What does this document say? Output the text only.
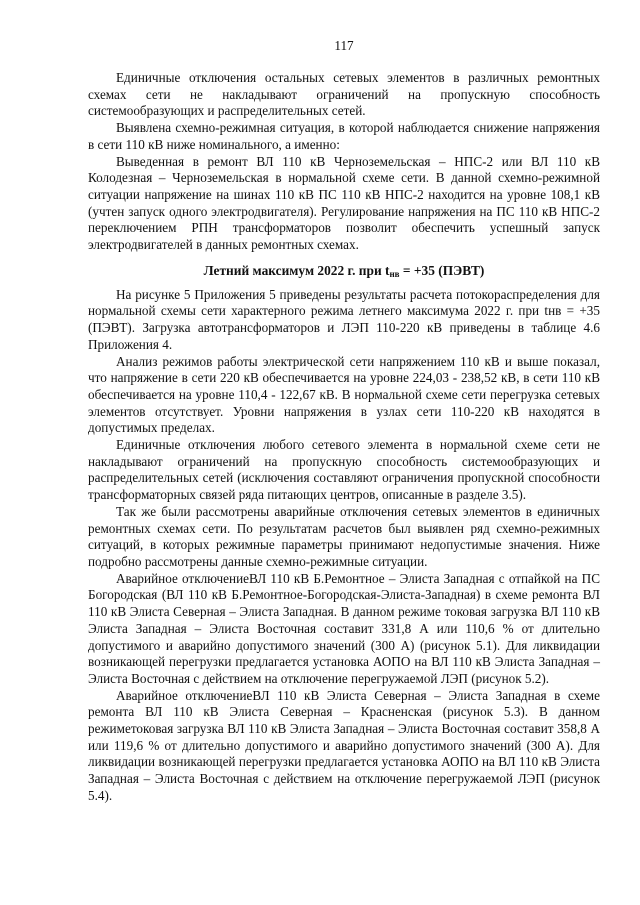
117

Единичные отключения остальных сетевых элементов в различных ремонтных схемах сети не накладывают ограничений на пропускную способность системообразующих и распределительных сетей.

Выявлена схемно-режимная ситуация, в которой наблюдается снижение напряжения в сети 110 кВ ниже номинального, а именно:

Выведенная в ремонт ВЛ 110 кВ Черноземельская – НПС-2 или ВЛ 110 кВ Колодезная – Черноземельская в нормальной схеме сети. В данной схемно-режимной ситуации напряжение на шинах 110 кВ ПС 110 кВ НПС-2 находится на уровне 108,1 кВ (учтен запуск одного электродвигателя). Регулирование напряжения на ПС 110 кВ НПС-2 переключением РПН трансформаторов позволит обеспечить успешный запуск электродвигателей в данных ремонтных схемах.

Летний максимум 2022 г. при $t_{нв} = +35$ (ПЭВТ)

На рисунке 5 Приложения 5 приведены результаты расчета потокораспределения для нормальной схемы сети характерного режима летнего максимума 2022 г. при tнв = +35 (ПЭВТ). Загрузка автотрансформаторов и ЛЭП 110-220 кВ приведены в таблице 4.6 Приложения 4.

Анализ режимов работы электрической сети напряжением 110 кВ и выше показал, что напряжение в сети 220 кВ обеспечивается на уровне 224,03 - 238,52 кВ, в сети 110 кВ обеспечивается на уровне 110,4 - 122,67 кВ. В нормальной схеме сети перегрузка сетевых элементов отсутствует. Уровни напряжения в узлах сети 110-220 кВ находятся в допустимых пределах.

Единичные отключения любого сетевого элемента в нормальной схеме сети не накладывают ограничений на пропускную способность системообразующих и распределительных сетей (исключения составляют ограничения пропускной способности трансформаторных связей ряда питающих центров, описанные в разделе 3.5).

Так же были рассмотрены аварийные отключения сетевых элементов в единичных ремонтных схемах сети. По результатам расчетов был выявлен ряд схемно-режимных ситуаций, в которых режимные параметры принимают недопустимые значения. Ниже подробно рассмотрены данные схемно-режимные ситуации.

Аварийное отключениеВЛ 110 кВ Б.Ремонтное – Элиста Западная с отпайкой на ПС Богородская (ВЛ 110 кВ Б.Ремонтное-Богородская-Элиста-Западная) в схеме ремонта ВЛ 110 кВ Элиста Северная – Элиста Западная. В данном режиме токовая загрузка ВЛ 110 кВ Элиста Западная – Элиста Восточная составит 331,8 А или 110,6 % от длительно допустимого и аварийно допустимого значений (300 А) (рисунок 5.1). Для ликвидации возникающей перегрузки предлагается установка АОПО на ВЛ 110 кВ Элиста Западная – Элиста Восточная с действием на отключение перегружаемой ЛЭП (рисунок 5.2).

Аварийное отключениеВЛ 110 кВ Элиста Северная – Элиста Западная в схеме ремонта ВЛ 110 кВ Элиста Северная – Красненская (рисунок 5.3). В данном режиметоковая загрузка ВЛ 110 кВ Элиста Западная – Элиста Восточная составит 358,8 А или 119,6 % от длительно допустимого и аварийно допустимого значений (300 А). Для ликвидации возникающей перегрузки предлагается установка АОПО на ВЛ 110 кВ Элиста Западная – Элиста Восточная с действием на отключение перегружаемой ЛЭП (рисунок 5.4).
